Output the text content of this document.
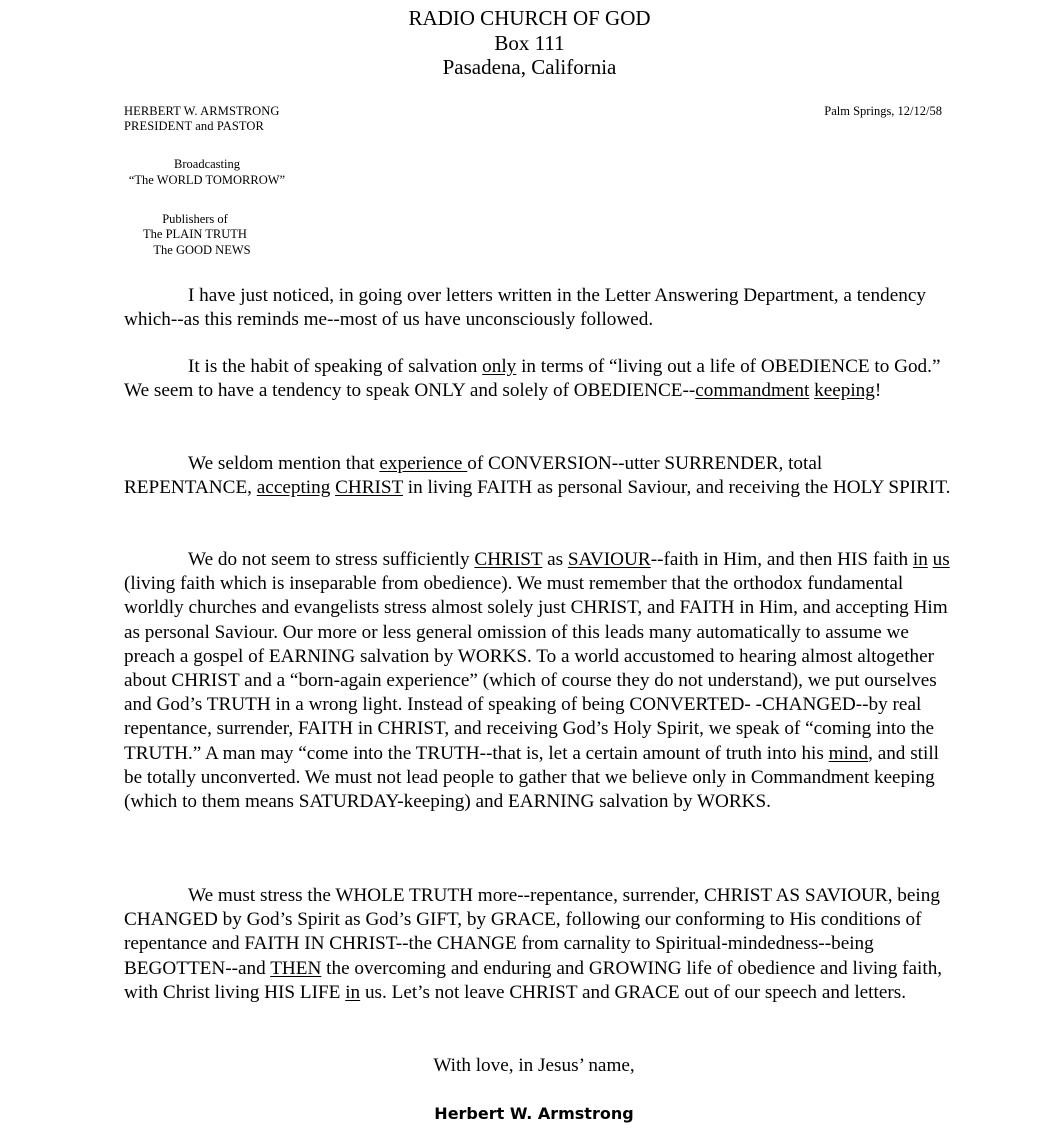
RADIO CHURCH OF GOD
Box 111
Pasadena, California
HERBERT W. ARMSTRONG
PRESIDENT and PASTOR
Palm Springs, 12/12/58
Broadcasting
“The WORLD TOMORROW”
Publishers of
The PLAIN TRUTH
The GOOD NEWS

I have just noticed, in going over letters written in the Letter Answering Department, a tendency which--as this reminds me--most of us have unconsciously followed.

It is the habit of speaking of salvation only in terms of “living out a life of OBEDIENCE to God.” We seem to have a tendency to speak ONLY and solely of OBEDIENCE--commandment keeping!

We seldom mention that experience of CONVERSION--utter SURRENDER, total REPENTANCE, accepting CHRIST in living FAITH as personal Saviour, and receiving the HOLY SPIRIT.

We do not seem to stress sufficiently CHRIST as SAVIOUR--faith in Him, and then HIS faith in us (living faith which is inseparable from obedience). We must remember that the orthodox fundamental worldly churches and evangelists stress almost solely just CHRIST, and FAITH in Him, and accepting Him as personal Saviour. Our more or less general omission of this leads many automatically to assume we preach a gospel of EARNING salvation by WORKS. To a world accustomed to hearing almost altogether about CHRIST and a “born-again experience” (which of course they do not understand), we put ourselves and God’s TRUTH in a wrong light. Instead of speaking of being CONVERTED- -CHANGED--by real repentance, surrender, FAITH in CHRIST, and receiving God’s Holy Spirit, we speak of “coming into the TRUTH.” A man may “come into the TRUTH--that is, let a certain amount of truth into his mind, and still be totally unconverted. We must not lead people to gather that we believe only in Commandment keeping (which to them means SATURDAY-keeping) and EARNING salvation by WORKS.

We must stress the WHOLE TRUTH more--repentance, surrender, CHRIST AS SAVIOUR, being CHANGED by God’s Spirit as God’s GIFT, by GRACE, following our conforming to His conditions of repentance and FAITH IN CHRIST--the CHANGE from carnality to Spiritual-mindedness--being BEGOTTEN--and THEN the overcoming and enduring and GROWING life of obedience and living faith, with Christ living HIS LIFE in us. Let’s not leave CHRIST and GRACE out of our speech and letters.

With love, in Jesus’ name,
Herbert W. Armstrong
